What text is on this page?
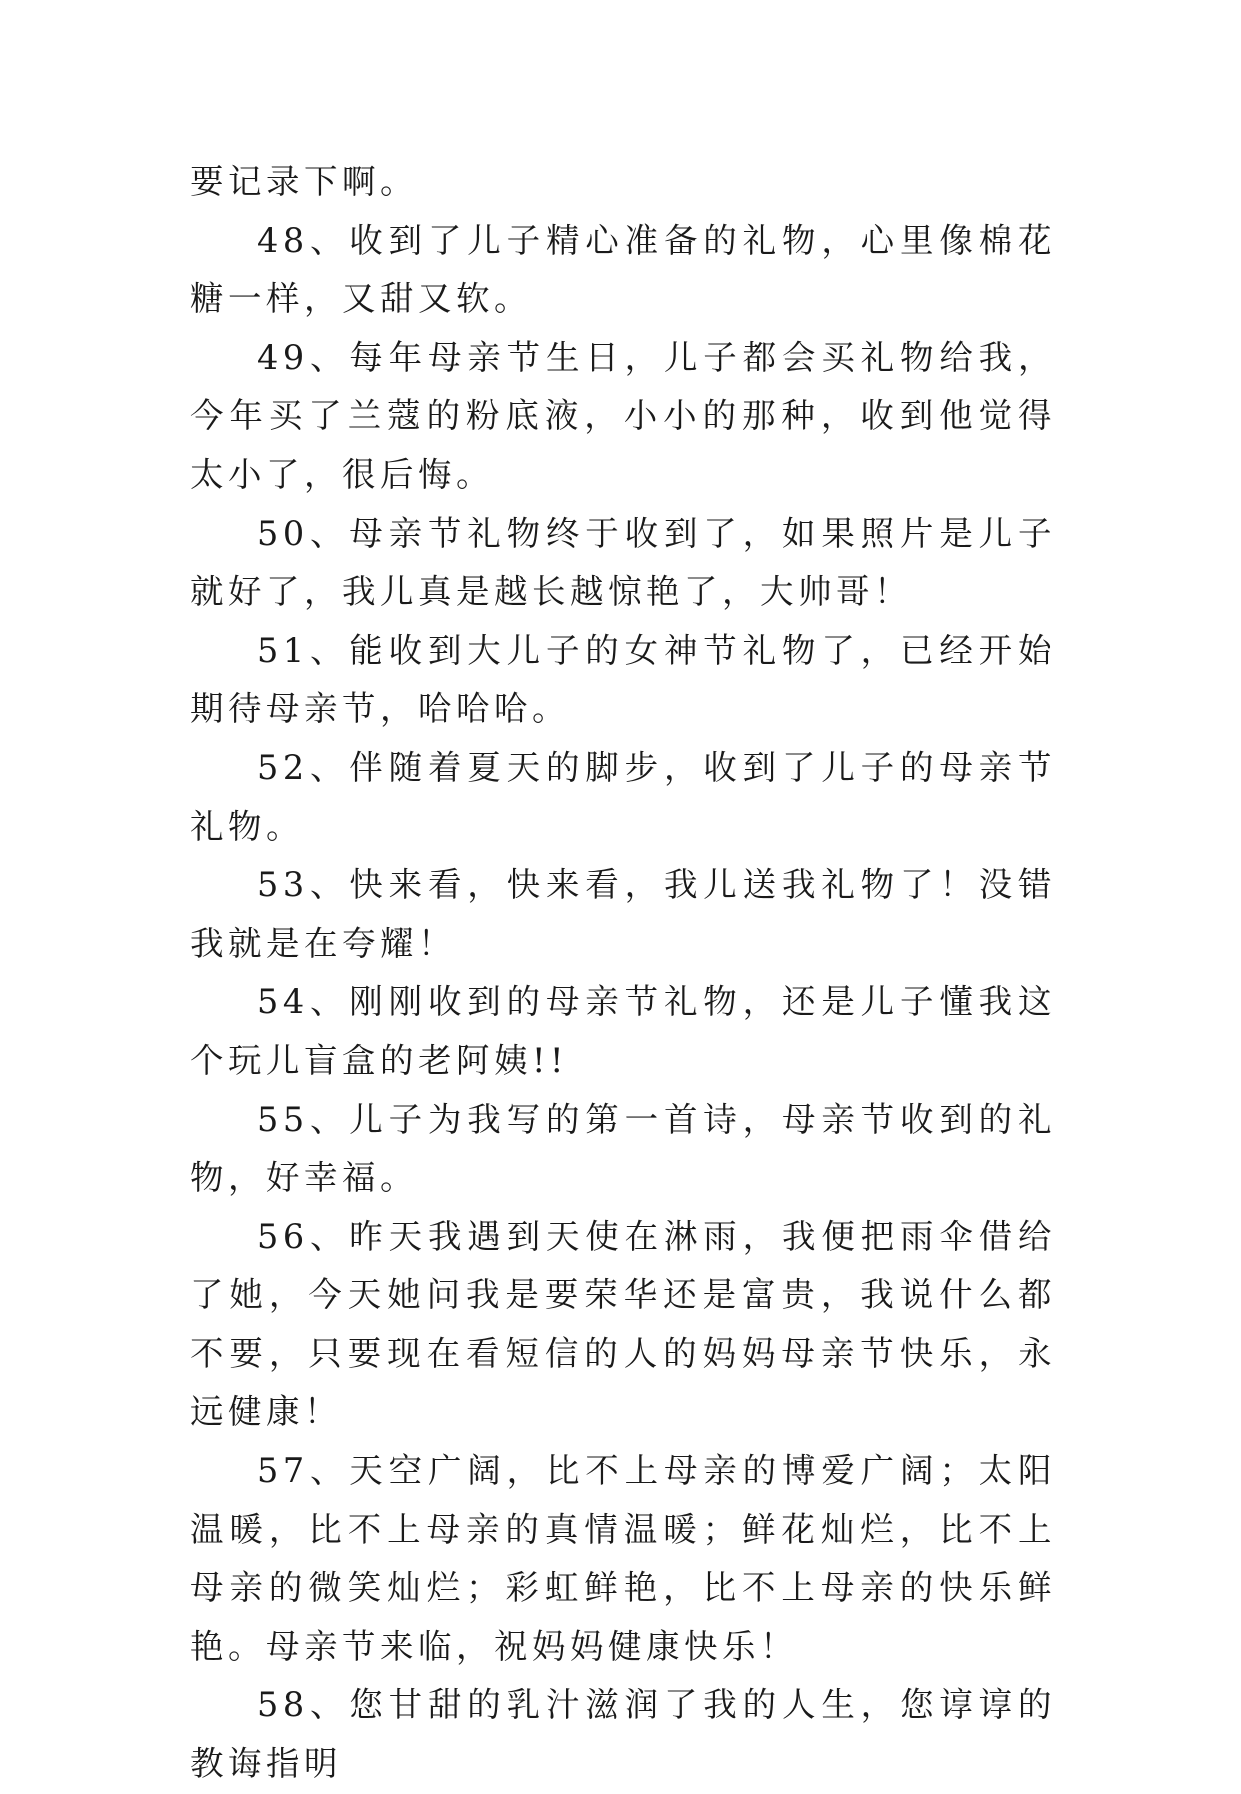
要记录下啊。

48、收到了儿子精心准备的礼物，心里像棉花糖一样，又甜又软。

49、每年母亲节生日，儿子都会买礼物给我，今年买了兰蔻的粉底液，小小的那种，收到他觉得太小了，很后悔。

50、母亲节礼物终于收到了，如果照片是儿子就好了，我儿真是越长越惊艳了，大帅哥！

51、能收到大儿子的女神节礼物了，已经开始期待母亲节，哈哈哈。

52、伴随着夏天的脚步，收到了儿子的母亲节礼物。

53、快来看，快来看，我儿送我礼物了！没错我就是在夸耀！

54、刚刚收到的母亲节礼物，还是儿子懂我这个玩儿盲盒的老阿姨!!

55、儿子为我写的第一首诗，母亲节收到的礼物，好幸福。

56、昨天我遇到天使在淋雨，我便把雨伞借给了她，今天她问我是要荣华还是富贵，我说什么都不要，只要现在看短信的人的妈妈母亲节快乐，永远健康！

57、天空广阔，比不上母亲的博爱广阔；太阳温暖，比不上母亲的真情温暖；鲜花灿烂，比不上母亲的微笑灿烂；彩虹鲜艳，比不上母亲的快乐鲜艳。母亲节来临，祝妈妈健康快乐！

58、您甘甜的乳汁滋润了我的人生，您谆谆的教诲指明
